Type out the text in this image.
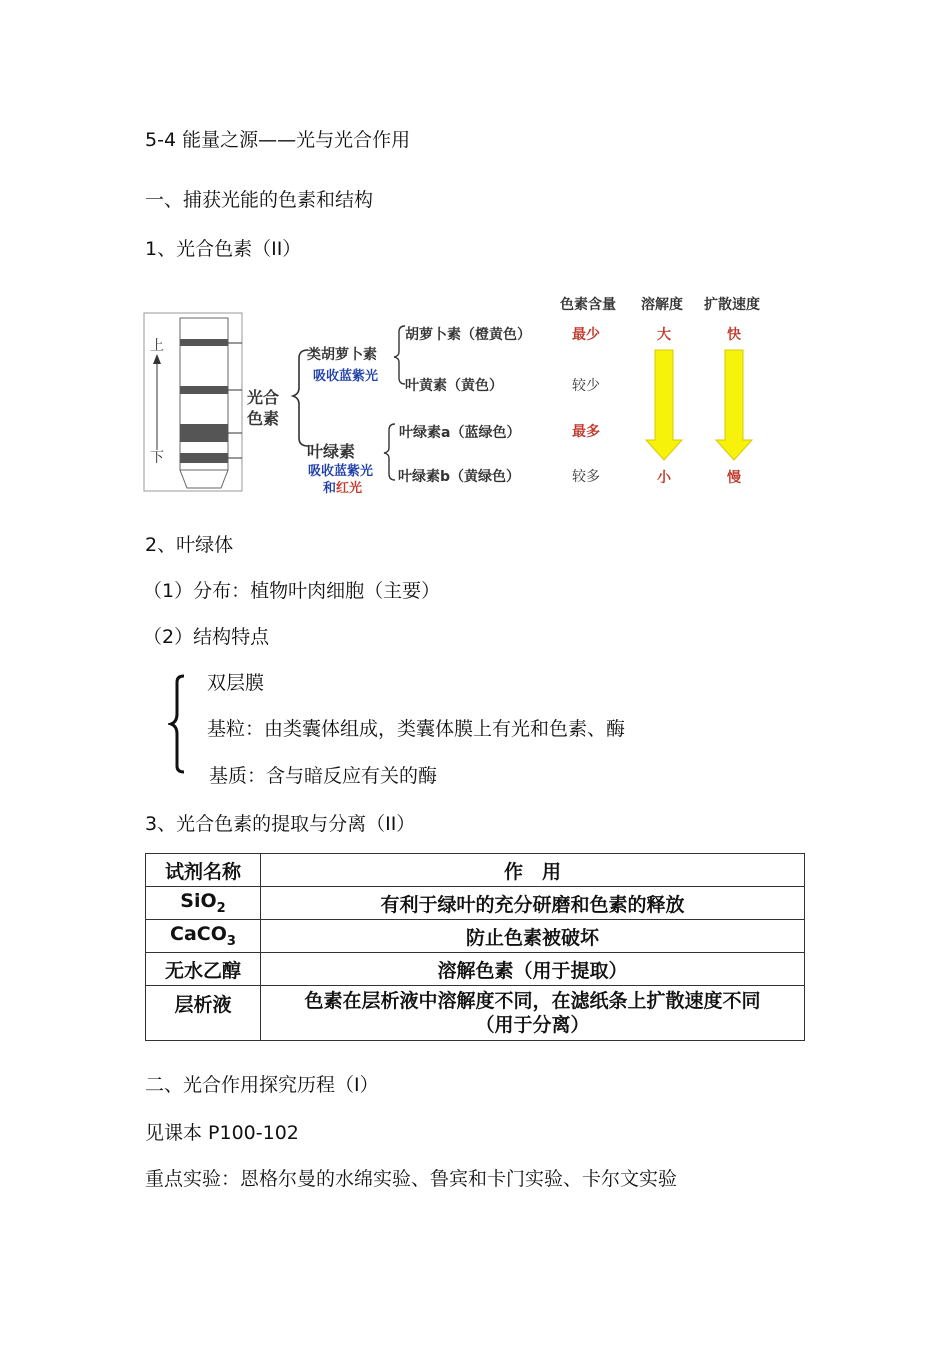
5-4 能量之源——光与光合作用
一、捕获光能的色素和结构
1、光合色素（II）
上
下
光合
色素
类胡萝卜素
吸收蓝紫光
叶绿素
吸收蓝紫光
和红光
胡萝卜素（橙黄色）
叶黄素（黄色）
叶绿素a（蓝绿色）
叶绿素b（黄绿色）
色素含量 溶解度 扩散速度
最少
较少
最多
较多
大
小
快
慢
2、叶绿体
（1）分布：植物叶肉细胞（主要）
（2）结构特点
双层膜
基粒：由类囊体组成，类囊体膜上有光和色素、酶
基质：含与暗反应有关的酶
3、光合色素的提取与分离（II）
试剂名称	作　用
SiO$_2$	有利于绿叶的充分研磨和色素的释放
CaCO$_3$	防止色素被破坏
无水乙醇	溶解色素（用于提取）
层析液	色素在层析液中溶解度不同，在滤纸条上扩散速度不同
（用于分离）
二、光合作用探究历程（Ⅰ）
见课本 P100-102
重点实验：恩格尔曼的水绵实验、鲁宾和卡门实验、卡尔文实验
